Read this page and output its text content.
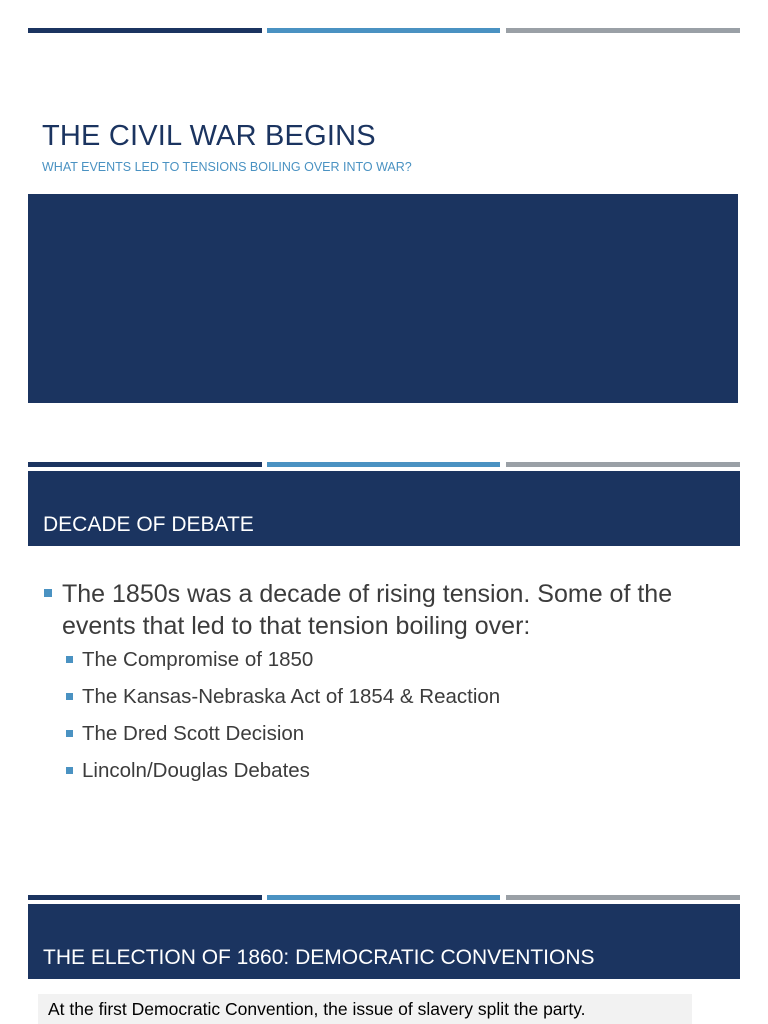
THE CIVIL WAR BEGINS
WHAT EVENTS LED TO TENSIONS BOILING OVER INTO WAR?
DECADE OF DEBATE
The 1850s was a decade of rising tension. Some of the events that led to that tension boiling over:
The Compromise of 1850
The Kansas-Nebraska Act of 1854 & Reaction
The Dred Scott Decision
Lincoln/Douglas Debates
THE ELECTION OF 1860: DEMOCRATIC CONVENTIONS
At the first Democratic Convention, the issue of slavery split the party.
